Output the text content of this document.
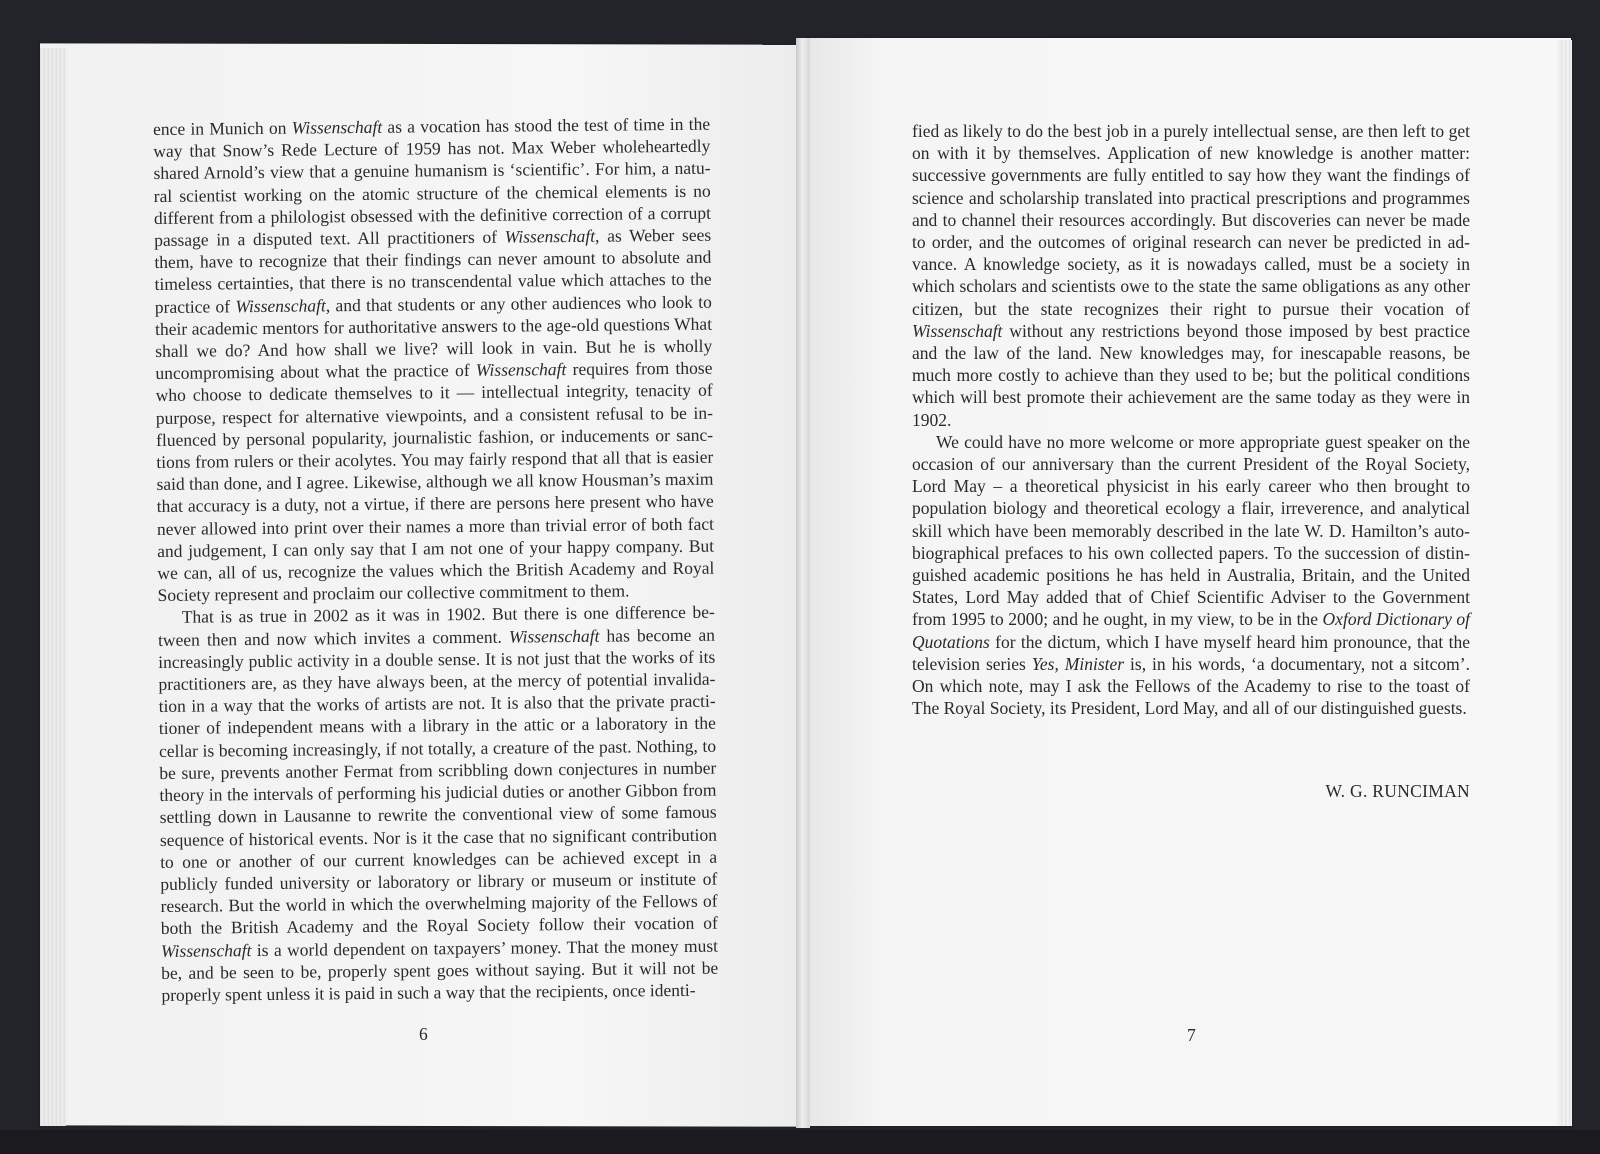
ence in Munich on Wissenschaft as a vocation has stood the test of time in the way that Snow’s Rede Lecture of 1959 has not. Max Weber wholeheartedly shared Arnold’s view that a genuine humanism is ‘scientific’. For him, a natural scientist working on the atomic structure of the chemical elements is no different from a philologist obsessed with the definitive correction of a corrupt passage in a disputed text. All practitioners of Wissenschaft, as Weber sees them, have to recognize that their findings can never amount to absolute and timeless certainties, that there is no transcendental value which attaches to the practice of Wissenschaft, and that students or any other audiences who look to their academic mentors for authoritative answers to the age-old questions What shall we do? And how shall we live? will look in vain. But he is wholly uncompromising about what the practice of Wissenschaft requires from those who choose to dedicate themselves to it — intellectual integrity, tenacity of purpose, respect for alternative viewpoints, and a consistent refusal to be influenced by personal popularity, journalistic fashion, or inducements or sanctions from rulers or their acolytes. You may fairly respond that all that is easier said than done, and I agree. Likewise, although we all know Housman’s maxim that accuracy is a duty, not a virtue, if there are persons here present who have never allowed into print over their names a more than trivial error of both fact and judgement, I can only say that I am not one of your happy company. But we can, all of us, recognize the values which the British Academy and Royal Society represent and proclaim our collective commitment to them.

That is as true in 2002 as it was in 1902. But there is one difference between then and now which invites a comment. Wissenschaft has become an increasingly public activity in a double sense. It is not just that the works of its practitioners are, as they have always been, at the mercy of potential invalidation in a way that the works of artists are not. It is also that the private practitioner of independent means with a library in the attic or a laboratory in the cellar is becoming increasingly, if not totally, a creature of the past. Nothing, to be sure, prevents another Fermat from scribbling down conjectures in number theory in the intervals of performing his judicial duties or another Gibbon from settling down in Lausanne to rewrite the conventional view of some famous sequence of historical events. Nor is it the case that no significant contribution to one or another of our current knowledges can be achieved except in a publicly funded university or laboratory or library or museum or institute of research. But the world in which the overwhelming majority of the Fellows of both the British Academy and the Royal Society follow their vocation of Wissenschaft is a world dependent on taxpayers’ money. That the money must be, and be seen to be, properly spent goes without saying. But it will not be properly spent unless it is paid in such a way that the recipients, once identi-

fied as likely to do the best job in a purely intellectual sense, are then left to get on with it by themselves. Application of new knowledge is another matter: successive governments are fully entitled to say how they want the findings of science and scholarship translated into practical prescriptions and programmes and to channel their resources accordingly. But discoveries can never be made to order, and the outcomes of original research can never be predicted in advance. A knowledge society, as it is nowadays called, must be a society in which scholars and scientists owe to the state the same obligations as any other citizen, but the state recognizes their right to pursue their vocation of Wissenschaft without any restrictions beyond those imposed by best practice and the law of the land. New knowledges may, for inescapable reasons, be much more costly to achieve than they used to be; but the political conditions which will best promote their achievement are the same today as they were in 1902.

We could have no more welcome or more appropriate guest speaker on the occasion of our anniversary than the current President of the Royal Society, Lord May – a theoretical physicist in his early career who then brought to population biology and theoretical ecology a flair, irreverence, and analytical skill which have been memorably described in the late W. D. Hamilton’s autobiographical prefaces to his own collected papers. To the succession of distinguished academic positions he has held in Australia, Britain, and the United States, Lord May added that of Chief Scientific Adviser to the Government from 1995 to 2000; and he ought, in my view, to be in the Oxford Dictionary of Quotations for the dictum, which I have myself heard him pronounce, that the television series Yes, Minister is, in his words, ‘a documentary, not a sitcom’. On which note, may I ask the Fellows of the Academy to rise to the toast of The Royal Society, its President, Lord May, and all of our distinguished guests.

W. G. RUNCIMAN
6	7
